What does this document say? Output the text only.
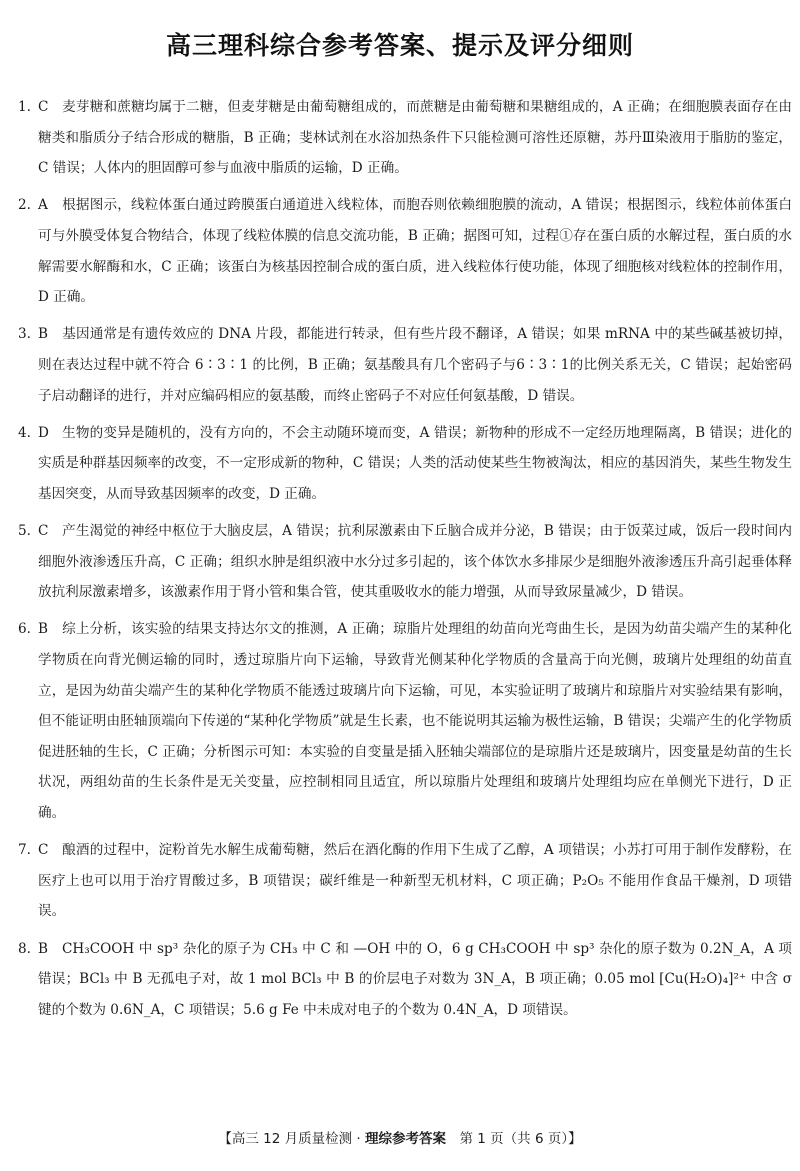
高三理科综合参考答案、提示及评分细则
1. C 麦芽糖和蔗糖均属于二糖，但麦芽糖是由葡萄糖组成的，而蔗糖是由葡萄糖和果糖组成的，A 正确；在细胞膜表面存在由糖类和脂质分子结合形成的糖脂，B 正确；斐林试剂在水浴加热条件下只能检测可溶性还原糖，苏丹Ⅲ染液用于脂肪的鉴定，C 错误；人体内的胆固醇可参与血液中脂质的运输，D 正确。
2. A 根据图示，线粒体蛋白通过跨膜蛋白通道进入线粒体，而胞吞则依赖细胞膜的流动，A 错误；根据图示，线粒体前体蛋白可与外膜受体复合物结合，体现了线粒体膜的信息交流功能，B 正确；据图可知，过程①存在蛋白质的水解过程，蛋白质的水解需要水解酶和水，C 正确；该蛋白为核基因控制合成的蛋白质，进入线粒体行使功能，体现了细胞核对线粒体的控制作用，D 正确。
3. B 基因通常是有遗传效应的 DNA 片段，都能进行转录，但有些片段不翻译，A 错误；如果 mRNA 中的某些碱基被切掉，则在表达过程中就不符合 6∶3∶1 的比例，B 正确；氨基酸具有几个密码子与6∶3∶1的比例关系无关，C 错误；起始密码子启动翻译的进行，并对应编码相应的氨基酸，而终止密码子不对应任何氨基酸，D 错误。
4. D 生物的变异是随机的，没有方向的，不会主动随环境而变，A 错误；新物种的形成不一定经历地理隔离，B 错误；进化的实质是种群基因频率的改变，不一定形成新的物种，C 错误；人类的活动使某些生物被淘汰，相应的基因消失，某些生物发生基因突变，从而导致基因频率的改变，D 正确。
5. C 产生渴觉的神经中枢位于大脑皮层，A 错误；抗利尿激素由下丘脑合成并分泌，B 错误；由于饭菜过咸，饭后一段时间内细胞外液渗透压升高，C 正确；组织水肿是组织液中水分过多引起的，该个体饮水多排尿少是细胞外液渗透压升高引起垂体释放抗利尿激素增多，该激素作用于肾小管和集合管，使其重吸收水的能力增强，从而导致尿量减少，D 错误。
6. B 综上分析，该实验的结果支持达尔文的推测，A 正确；琼脂片处理组的幼苗向光弯曲生长，是因为幼苗尖端产生的某种化学物质在向背光侧运输的同时，透过琼脂片向下运输，导致背光侧某种化学物质的含量高于向光侧，玻璃片处理组的幼苗直立，是因为幼苗尖端产生的某种化学物质不能透过玻璃片向下运输，可见，本实验证明了玻璃片和琼脂片对实验结果有影响，但不能证明由胚轴顶端向下传递的“某种化学物质”就是生长素，也不能说明其运输为极性运输，B 错误；尖端产生的化学物质促进胚轴的生长，C 正确；分析图示可知：本实验的自变量是插入胚轴尖端部位的是琼脂片还是玻璃片，因变量是幼苗的生长状况，两组幼苗的生长条件是无关变量，应控制相同且适宜，所以琼脂片处理组和玻璃片处理组均应在单侧光下进行，D 正确。
7. C 酿酒的过程中，淀粉首先水解生成葡萄糖，然后在酒化酶的作用下生成了乙醇，A 项错误；小苏打可用于制作发酵粉，在医疗上也可以用于治疗胃酸过多，B 项错误；碳纤维是一种新型无机材料，C 项正确；P₂O₅ 不能用作食品干燥剂，D 项错误。
8. B CH₃COOH 中 sp³ 杂化的原子为 CH₃ 中 C 和 —OH 中的 O，6 g CH₃COOH 中 sp³ 杂化的原子数为 0.2N_A，A 项错误；BCl₃ 中 B 无孤电子对，故 1 mol BCl₃ 中 B 的价层电子对数为 3N_A，B 项正确；0.05 mol [Cu(H₂O)₄]²⁺ 中含 σ 键的个数为 0.6N_A，C 项错误；5.6 g Fe 中未成对电子的个数为 0.4N_A，D 项错误。
【高三 12 月质量检测 · 理综参考答案　第 1 页（共 6 页）】
